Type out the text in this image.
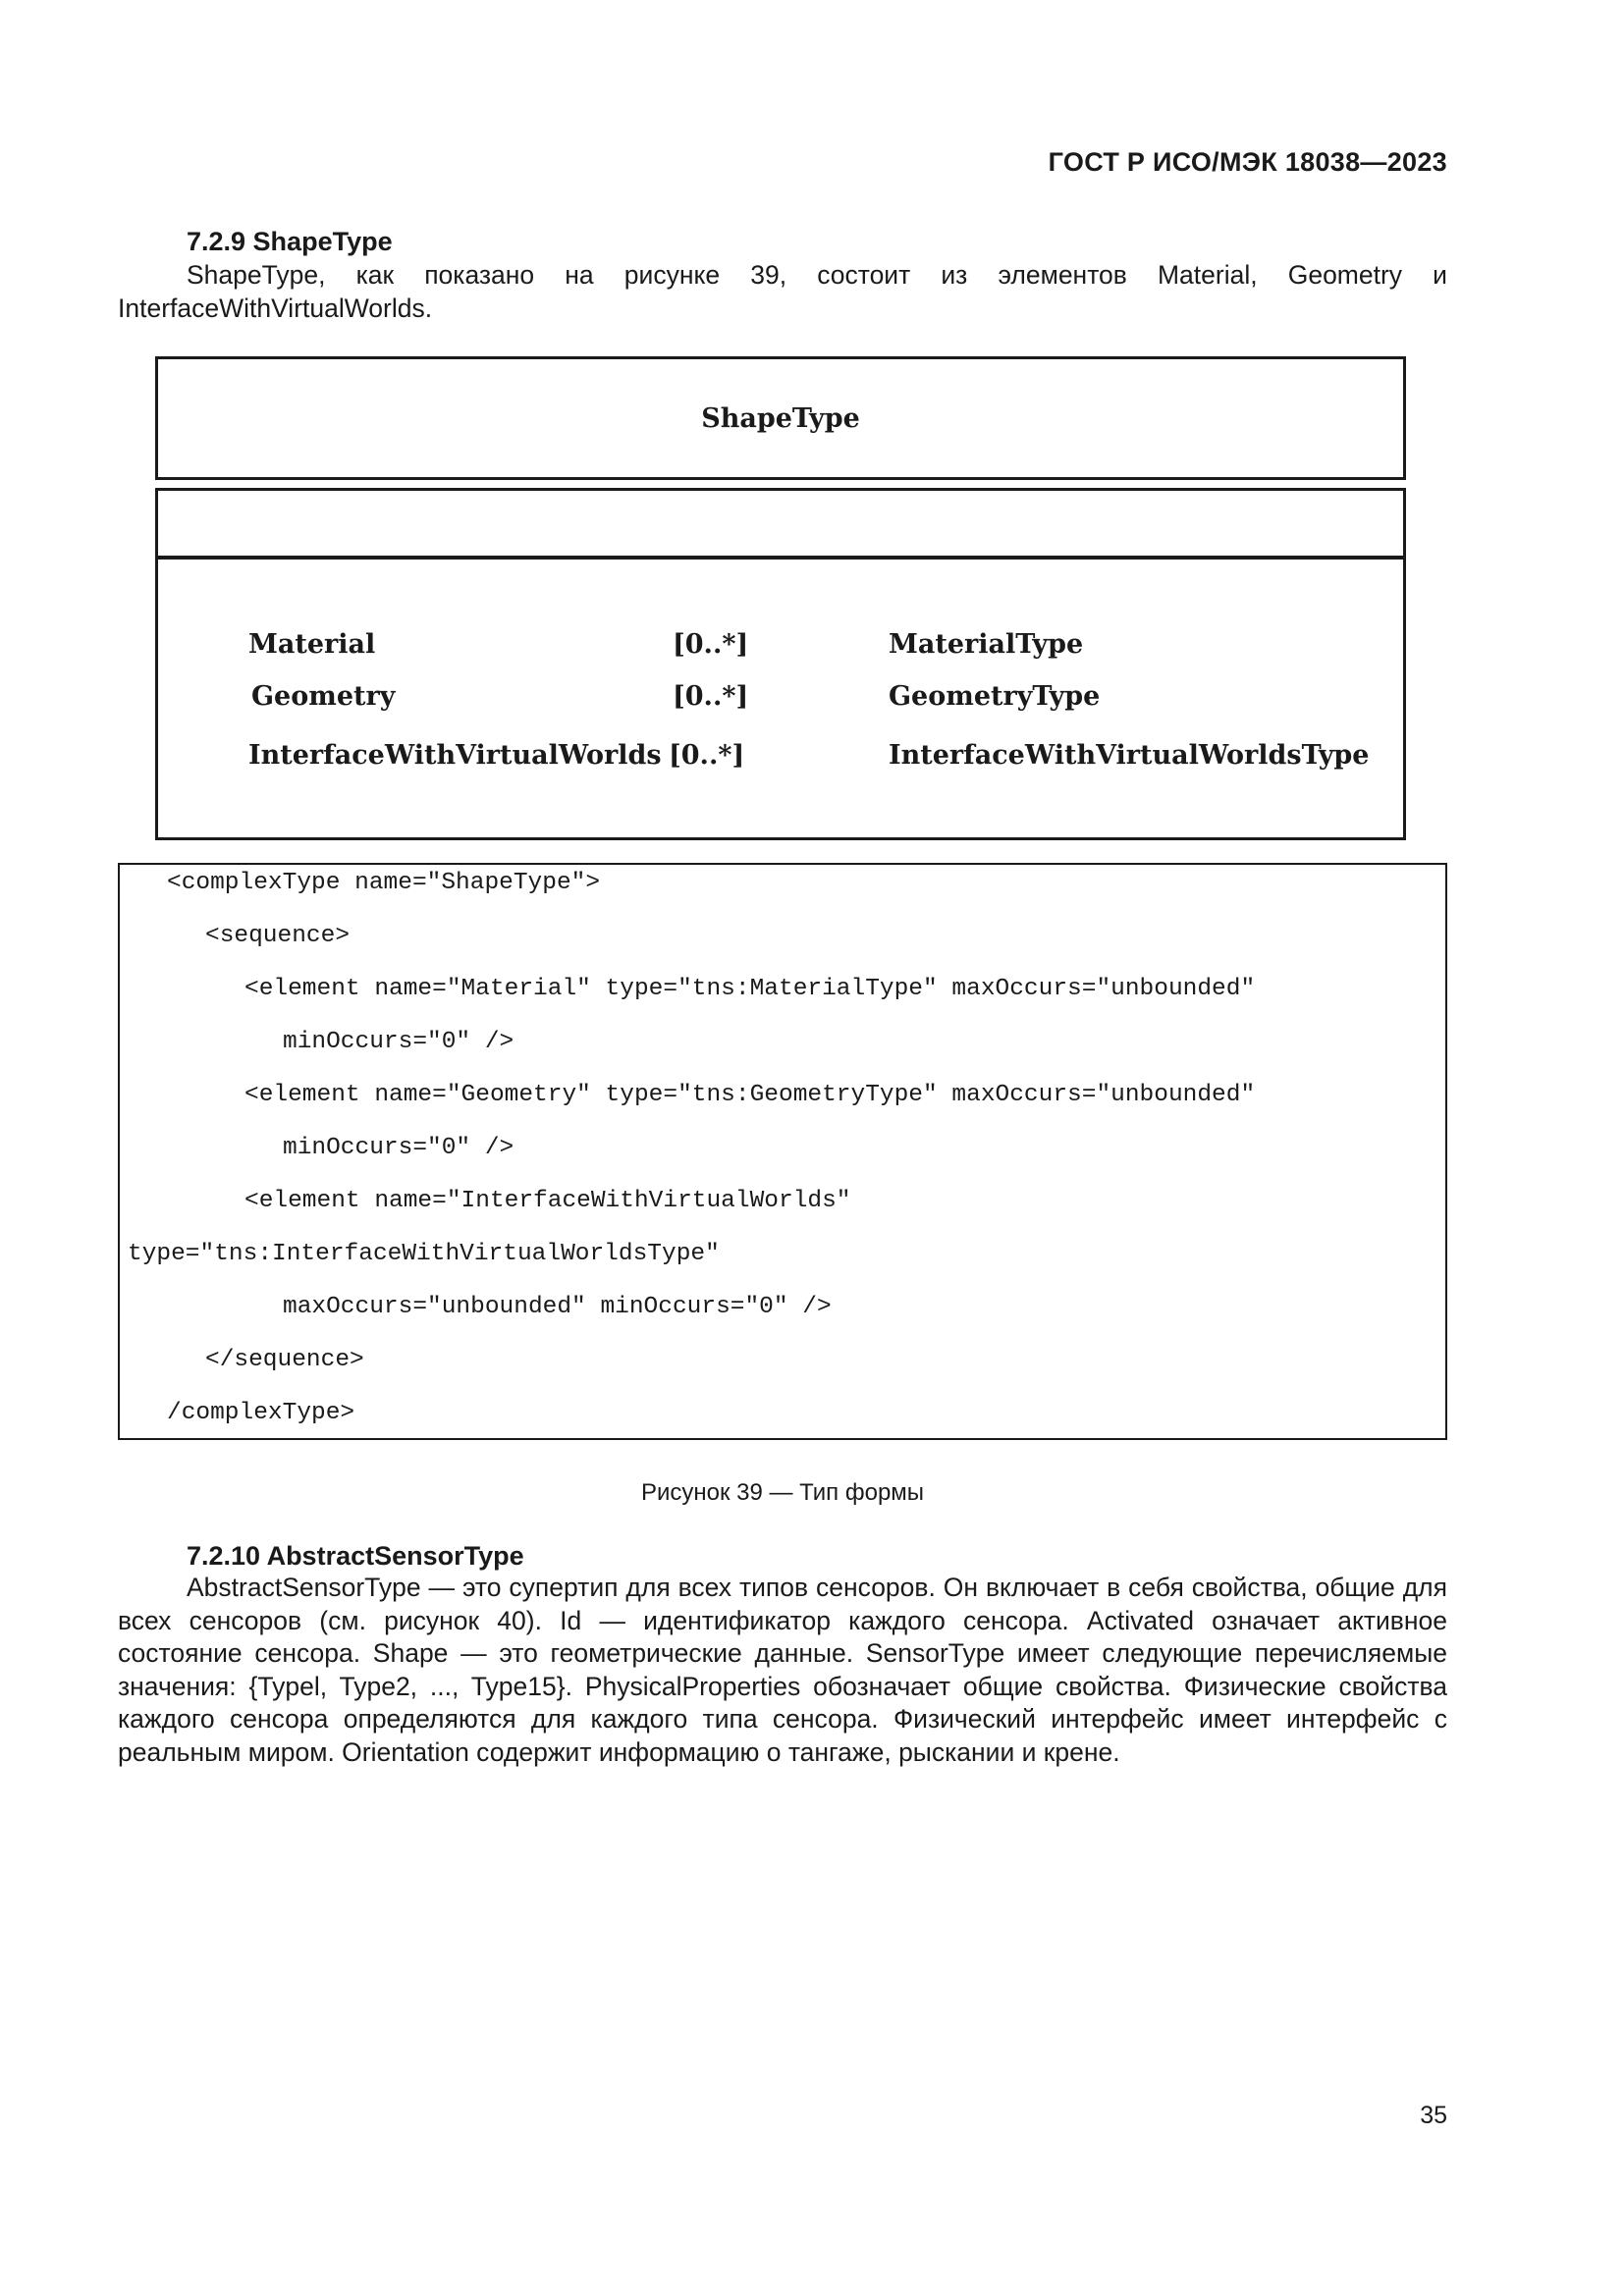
ГОСТ Р ИСО/МЭК 18038—2023
7.2.9 ShapeType

ShapeType, как показано на рисунке 39, состоит из элементов Material, Geometry и

InterfaceWithVirtualWorlds.
ShapeType
Material	[0..*]	MaterialType
Geometry	[0..*]	GeometryType
InterfaceWithVirtualWorlds [0..*]	InterfaceWithVirtualWorldsType
<complexType name="ShapeType">
<sequence>
<element name="Material" type="tns:MaterialType" maxOccurs="unbounded"
minOccurs="0" />
<element name="Geometry" type="tns:GeometryType" maxOccurs="unbounded"
minOccurs="0" />
<element name="InterfaceWithVirtualWorlds"
type="tns:InterfaceWithVirtualWorldsType"
maxOccurs="unbounded" minOccurs="0" />
</sequence>
/complexType>
Рисунок 39 — Тип формы
7.2.10 AbstractSensorType

AbstractSensorType — это супертип для всех типов сенсоров. Он включает в себя свойства, общие для всех сенсоров (см. рисунок 40). Id — идентификатор каждого сенсора. Activated означает активное состояние сенсора. Shape — это геометрические данные. SensorType имеет следующие перечисляемые значения: {Typel, Type2, ..., Type15}. PhysicalProperties обозначает общие свойства. Физические свойства каждого сенсора определяются для каждого типа сенсора. Физический интерфейс имеет интерфейс с реальным миром. Orientation содержит информацию о тангаже, рыскании и крене.

35
